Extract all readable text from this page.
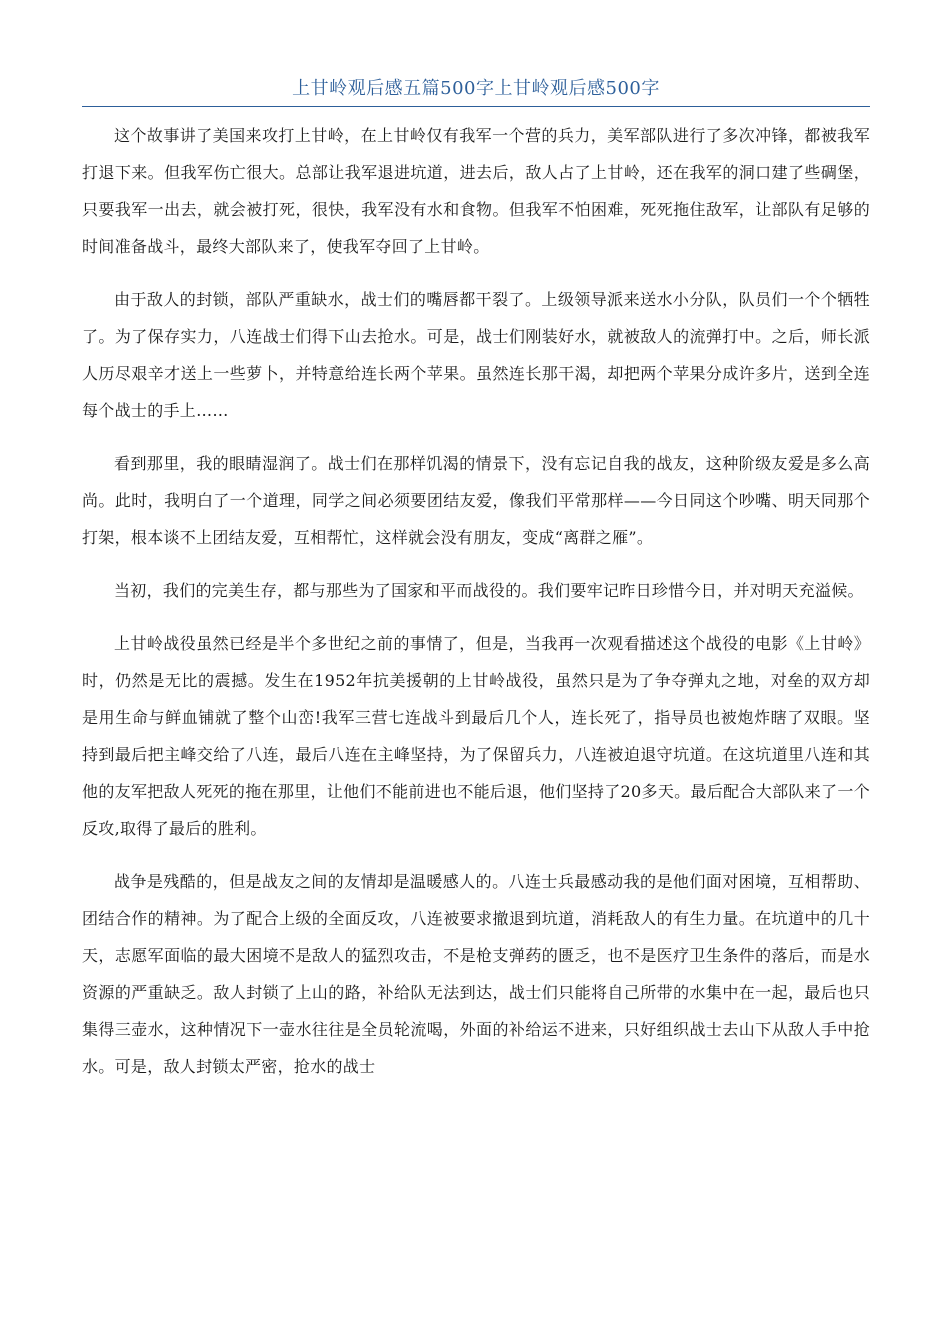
上甘岭观后感五篇500字上甘岭观后感500字

这个故事讲了美国来攻打上甘岭，在上甘岭仅有我军一个营的兵力，美军部队进行了多次冲锋，都被我军打退下来。但我军伤亡很大。总部让我军退进坑道，进去后，敌人占了上甘岭，还在我军的洞口建了些碉堡，只要我军一出去，就会被打死，很快，我军没有水和食物。但我军不怕困难，死死拖住敌军，让部队有足够的时间准备战斗，最终大部队来了，使我军夺回了上甘岭。

由于敌人的封锁，部队严重缺水，战士们的嘴唇都干裂了。上级领导派来送水小分队，队员们一个个牺牲了。为了保存实力，八连战士们得下山去抢水。可是，战士们刚装好水，就被敌人的流弹打中。之后，师长派人历尽艰辛才送上一些萝卜，并特意给连长两个苹果。虽然连长那干渴，却把两个苹果分成许多片，送到全连每个战士的手上……

看到那里，我的眼睛湿润了。战士们在那样饥渴的情景下，没有忘记自我的战友，这种阶级友爱是多么高尚。此时，我明白了一个道理，同学之间必须要团结友爱，像我们平常那样——今日同这个吵嘴、明天同那个打架，根本谈不上团结友爱，互相帮忙，这样就会没有朋友，变成“离群之雁”。

当初，我们的完美生存，都与那些为了国家和平而战役的。我们要牢记昨日珍惜今日，并对明天充溢候。

上甘岭战役虽然已经是半个多世纪之前的事情了，但是，当我再一次观看描述这个战役的电影《上甘岭》时，仍然是无比的震撼。发生在1952年抗美援朝的上甘岭战役，虽然只是为了争夺弹丸之地，对垒的双方却是用生命与鲜血铺就了整个山峦!我军三营七连战斗到最后几个人，连长死了，指导员也被炮炸瞎了双眼。坚持到最后把主峰交给了八连，最后八连在主峰坚持，为了保留兵力，八连被迫退守坑道。在这坑道里八连和其他的友军把敌人死死的拖在那里，让他们不能前进也不能后退，他们坚持了20多天。最后配合大部队来了一个反攻,取得了最后的胜利。

战争是残酷的，但是战友之间的友情却是温暖感人的。八连士兵最感动我的是他们面对困境，互相帮助、团结合作的精神。为了配合上级的全面反攻，八连被要求撤退到坑道，消耗敌人的有生力量。在坑道中的几十天，志愿军面临的最大困境不是敌人的猛烈攻击，不是枪支弹药的匮乏，也不是医疗卫生条件的落后，而是水资源的严重缺乏。敌人封锁了上山的路，补给队无法到达，战士们只能将自己所带的水集中在一起，最后也只集得三壶水，这种情况下一壶水往往是全员轮流喝，外面的补给运不进来，只好组织战士去山下从敌人手中抢水。可是，敌人封锁太严密，抢水的战士
